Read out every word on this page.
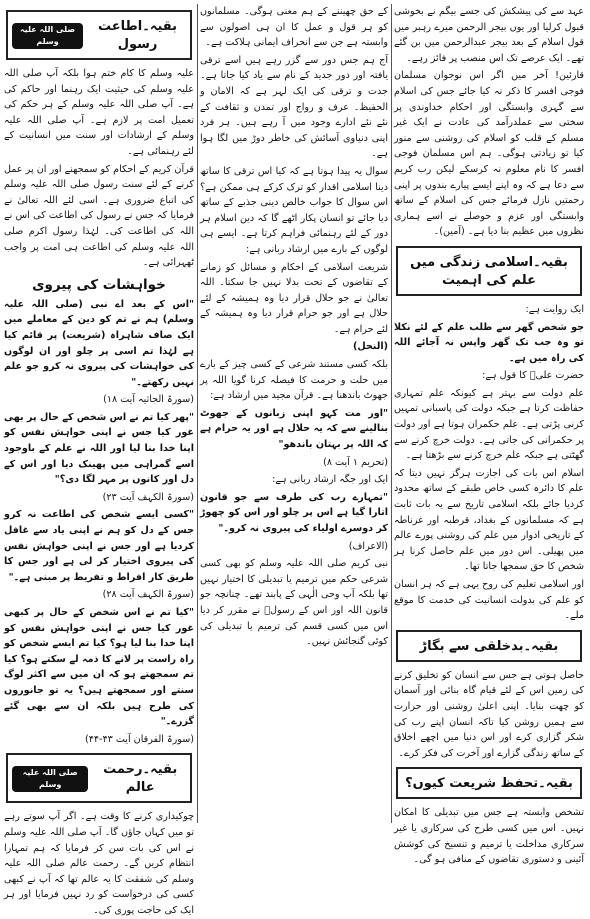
عہد سے کی پیشکش کی جسے بیگم نے بخوشی قبول کرلیا اور یوں بیجر الرحمن میرے رہبر میں قول اسلام کے بعد بیجر عبدالرحمن میں بن گئے تھے۔ ایک عرصے تک اس منصب پر فائز رہے۔

قارئین! آخر میں اگر اس نوجوان مسلمان فوجی افسر کا ذکر نہ کیا جائے جس کی اسلام سے گہری وابستگی اور احکام خداوندی پر سختی سے عملدرآمد کی عادت نے ایک غیر مسلم کے قلب کو اسلام کی روشنی سے منور کیا تو زیادتی ہوگی۔ ہم اس مسلمان فوجی افسر کا نام معلوم نہ کرسکے لیکن رب کریم سے دعا ہے کہ وہ اپنے ایسے پیارے بندوں پر اپنی رحمتیں نازل فرمائے جس کی اسلام کے ساتھ وابستگی اور عزم و حوصلے نے اسے ہماری نظروں میں عظیم بنا دیا ہے۔ (آمین)۔

بقیہ۔اسلامی زندگی میں علم کی اہمیت

ایک روایت ہے:

جو شخص گھر سے طلب علم کے لئے نکلا تو وہ جب تک گھر واپس نہ آجائے اللہ کی راہ میں ہے۔

حضرت علیؓ کا قول ہے:

علم دولت سے بہتر ہے کیونکہ علم تمہاری حفاظت کرتا ہے جبکہ دولت کی پاسبانی تمہیں کرنی پڑتی ہے۔ علم حکمران ہوتا ہے اور دولت پر حکمرانی کی جاتی ہے۔ دولت خرچ کرنے سے گھٹتی ہے جبکہ علم خرچ کرنے سے بڑھتا ہے۔

اسلام اس بات کی اجازت ہرگز نہیں دیتا کہ علم کا دائرہ کسی خاص طبقے کے ساتھ محدود کردیا جائے بلکہ اسلامی تاریخ سے یہ بات ثابت ہے کہ مسلمانوں کے بغداد، قرطبہ اور غرناطہ کے تاریخی ادوار میں علم کی روشنی پورے عالم میں پھیلی۔ اس دور میں علم حاصل کرنا ہر شخص کا حق سمجھا جاتا تھا۔

اور اسلامی تعلیم کی روح یہی ہے کہ ہر انسان کو علم کی بدولت انسانیت کی خدمت کا موقع ملے۔

بقیہ۔بدخلقی سے بگاڑ

حاصل ہوتی ہے جس سے انسان کو تخلیق کرنے کی زمین اس کے لئے قیام گاہ بنائی اور آسمان کو چھت بنایا۔ اپنی اعلیٰ روشنی اور حرارت سے ہمیں روشن کیا تاکہ انسان اپنے رب کی شکر گزاری کرے اور اس دنیا میں اچھے اخلاق کے ساتھ زندگی گزارے اور آخرت کی فکر کرے۔

بقیہ۔تحفظ شریعت کیوں؟

تشخص وابستہ ہے جس میں تبدیلی کا امکان نہیں۔ اس میں کسی طرح کی سرکاری یا غیر سرکاری مداخلت یا ترمیم و تنسیخ کی کوشش آئینی و دستوری تقاضوں کے منافی ہو گی۔

کے حق چھیننے کے ہم معنی ہوگی۔ مسلمانوں کو ہر قول و عمل کا ان ہی اصولوں سے وابستہ ہے جن سے انحراف ایمانی ہلاکت ہے۔

آج ہم جس دور سے گزر رہے ہیں اسے ترقی یافتہ اور دور جدید کے نام سے یاد کیا جاتا ہے۔ جدت و ترقی کی ایک لہر ہے کہ الامان و الحفیظ۔ عرف و رواج اور تمدن و ثقافت کے نئے نئے ادارے وجود میں آ رہے ہیں۔ ہر فرد اپنی دنیاوی آسائش کی خاطر دوڑ میں لگا ہوا ہے۔

سوال یہ پیدا ہوتا ہے کہ کیا اس ترقی کا ساتھ دینا اسلامی اقدار کو ترک کرکے ہی ممکن ہے؟ اس سوال کا جواب خالص دینی جذبے کے ساتھ دیا جائے تو انسان پکار اٹھے گا کہ دین اسلام ہر دور کے لئے رہنمائی فراہم کرتا ہے۔ ایسے ہی لوگوں کے بارے میں ارشاد ربانی ہے:

شریعت اسلامی کے احکام و مسائل کو زمانے کے تقاضوں کے تحت بدلا نہیں جا سکتا۔ اللہ تعالیٰ نے جو حلال قرار دیا وہ ہمیشہ کے لئے حلال ہے اور جو حرام قرار دیا وہ ہمیشہ کے لئے حرام ہے۔

(النحل)

بلکہ کسی مستند شرعی کے کسی چیز کے بارے میں حلت و حرمت کا فیصلہ کرنا گویا اللہ پر جھوٹ باندھنا ہے۔ قرآن مجید میں ارشاد ہے:

"اور مت کہو اپنی زبانوں کے جھوٹ بنالینے سے کہ یہ حلال ہے اور یہ حرام ہے کہ اللہ پر بہتان باندھو"

(تحریم ۱ آیت ۸)

ایک اور جگہ ارشاد ربانی ہے:

"تمہارے رب کی طرف سے جو قانون اتارا گیا ہے اس پر چلو اور اس کو چھوڑ کر دوسرے اولیاء کی پیروی نہ کرو۔"

(الاعراف)

نبی کریم صلی اللہ علیہ وسلم کو بھی کسی شرعی حکم میں ترمیم یا تبدیلی کا اختیار نہیں تھا بلکہ آپ وحی الٰہی کے پابند تھے۔ چنانچہ جو قانون اللہ اور اس کے رسولؐ نے مقرر کر دیا اس میں کسی قسم کی ترمیم یا تبدیلی کی کوئی گنجائش نہیں۔

بقیہ۔اطاعت رسول
صلی اللہ علیہ وسلم

علیہ وسلم کا کام ختم ہوا بلکہ آپ صلی اللہ علیہ وسلم کی حیثیت ایک رہنما اور حاکم کی ہے۔ آپ صلی اللہ علیہ وسلم کے ہر حکم کی تعمیل امت پر لازم ہے۔ آپ صلی اللہ علیہ وسلم کے ارشادات اور سنت میں انسانیت کے لئے رہنمائی ہے۔

قرآن کریم کے احکام کو سمجھنے اور ان پر عمل کرنے کے لئے سنت رسول صلی اللہ علیہ وسلم کی اتباع ضروری ہے۔ اسی لئے اللہ تعالیٰ نے فرمایا کہ جس نے رسول کی اطاعت کی اس نے اللہ کی اطاعت کی۔ لہٰذا رسول اکرم صلی اللہ علیہ وسلم کی اطاعت ہی امت پر واجب ٹھہرائی ہے۔

خواہشات کی پیروی

"اس کے بعد اے نبی (صلی اللہ علیہ وسلم) ہم نے تم کو دین کے معاملے میں ایک صاف شاہراہ (شریعت) پر قائم کیا ہے لہٰذا تم اسی پر چلو اور ان لوگوں کی خواہشات کی پیروی نہ کرو جو علم نہیں رکھتے۔"

(سورۃ الجاثیہ آیت ۱۸)

"پھر کیا تم نے اس شخص کے حال پر بھی غور کیا جس نے اپنی خواہش نفس کو اپنا خدا بنا لیا اور اللہ نے علم کے باوجود اسے گمراہی میں پھینک دیا اور اس کے دل اور کانوں پر مہر لگا دی؟"

(سورۃ الکہف آیت ۲۳)

"کسی ایسے شخص کی اطاعت نہ کرو جس کے دل کو ہم نے اپنی یاد سے غافل کردیا ہے اور جس نے اپنی خواہش نفس کی پیروی اختیار کر لی ہے اور جس کا طریق کار افراط و تفریط پر مبنی ہے۔"

(سورۃ الکہف آیت ۲۸)

"کیا تم نے اس شخص کے حال پر کبھی غور کیا جس نے اپنی خواہش نفس کو اپنا خدا بنا لیا ہو؟ کیا تم ایسے شخص کو راہ راست پر لانے کا ذمہ لے سکتے ہو؟ کیا تم سمجھتے ہو کہ ان میں سے اکثر لوگ سنتے اور سمجھتے ہیں؟ یہ تو جانوروں کی طرح ہیں بلکہ ان سے بھی گئے گزرے۔"

(سورۃ الفرقان آیت ۴۳-۴۴)

بقیہ۔رحمت عالم
صلی اللہ علیہ وسلم

چوکیداری کرنے کا وقت ہے۔ اگر آپ سوتے رہے تو میں کہاں جاؤں گا۔ آپ صلی اللہ علیہ وسلم نے اس کی بات سن کر فرمایا کہ ہم تمہارا انتظام کریں گے۔ رحمت عالم صلی اللہ علیہ وسلم کی شفقت کا یہ عالم تھا کہ آپ نے کبھی کسی کی درخواست کو رد نہیں فرمایا اور ہر ایک کی حاجت پوری کی۔
